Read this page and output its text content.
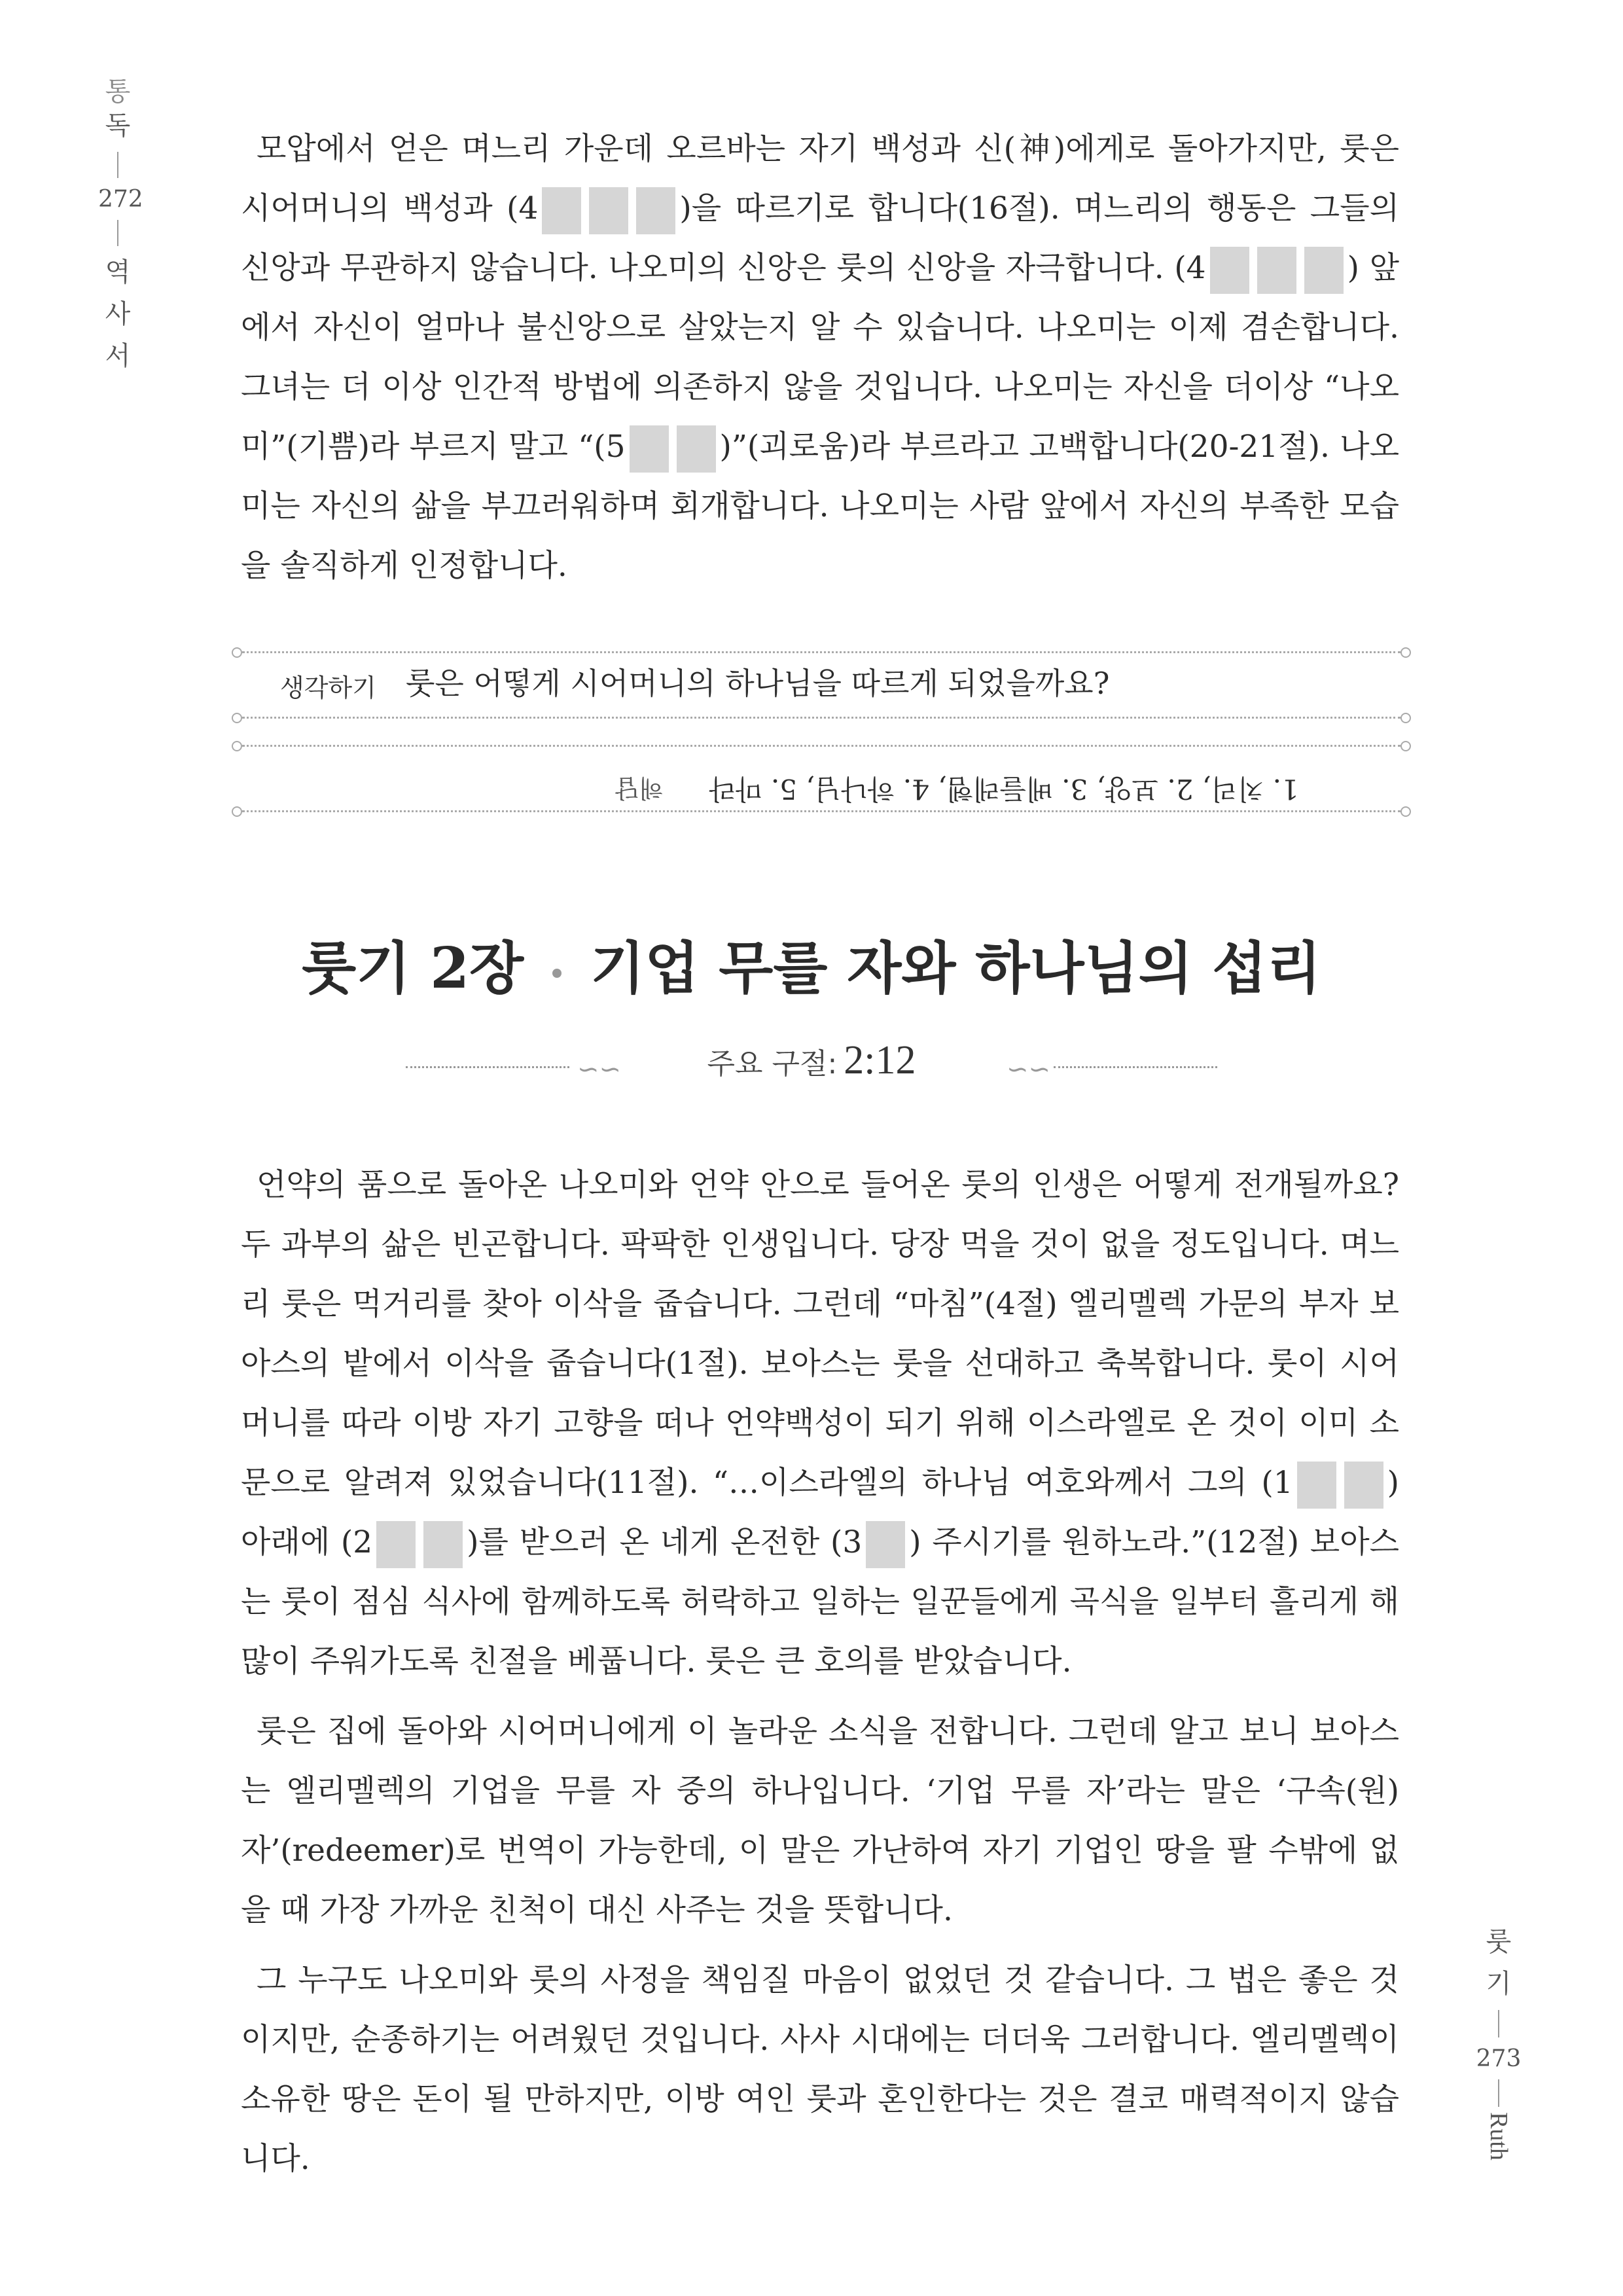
통
독
272
역
사
서

모압에서 얻은 며느리 가운데 오르바는 자기 백성과 신(神)에게로 돌아가지만, 룻은 시어머니의 백성과 (4	)을 따르기로 합니다(16절). 며느리의 행동은 그들의 신앙과 무관하지 않습니다. 나오미의 신앙은 룻의 신앙을 자극합니다. (4	) 앞에서 자신이 얼마나 불신앙으로 살았는지 알 수 있습니다. 나오미는 이제 겸손합니다. 그녀는 더 이상 인간적 방법에 의존하지 않을 것입니다. 나오미는 자신을 더이상 “나오미”(기쁨)라 부르지 말고 “(5	)”(괴로움)라 부르라고 고백합니다(20-21절). 나오미는 자신의 삶을 부끄러워하며 회개합니다. 나오미는 사람 앞에서 자신의 부족한 모습을 솔직하게 인정합니다.

생각하기 룻은 어떻게 시어머니의 하나님을 따르게 되었을까요?
1. 치리, 2. 보양, 3. 베들레헴, 4. 하나님, 5. 마라해답
룻기 2장 기업 무를 자와 하나님의 섭리
∽∽	주요 구절: 2:12	∽∽

언약의 품으로 돌아온 나오미와 언약 안으로 들어온 룻의 인생은 어떻게 전개될까요? 두 과부의 삶은 빈곤합니다. 팍팍한 인생입니다. 당장 먹을 것이 없을 정도입니다. 며느리 룻은 먹거리를 찾아 이삭을 줍습니다. 그런데 “마침”(4절) 엘리멜렉 가문의 부자 보아스의 밭에서 이삭을 줍습니다(1절). 보아스는 룻을 선대하고 축복합니다. 룻이 시어머니를 따라 이방 자기 고향을 떠나 언약백성이 되기 위해 이스라엘로 온 것이 이미 소문으로 알려져 있었습니다(11절). “…이스라엘의 하나님 여호와께서 그의 (1	) 아래에 (2	)를 받으러 온 네게 온전한 (3 ) 주시기를 원하노라.”(12절) 보아스는 룻이 점심 식사에 함께하도록 허락하고 일하는 일꾼들에게 곡식을 일부터 흘리게 해 많이 주워가도록 친절을 베풉니다. 룻은 큰 호의를 받았습니다.

룻은 집에 돌아와 시어머니에게 이 놀라운 소식을 전합니다. 그런데 알고 보니 보아스는 엘리멜렉의 기업을 무를 자 중의 하나입니다. ‘기업 무를 자’라는 말은 ‘구속(원)자’(redeemer)로 번역이 가능한데, 이 말은 가난하여 자기 기업인 땅을 팔 수밖에 없을 때 가장 가까운 친척이 대신 사주는 것을 뜻합니다.

그 누구도 나오미와 룻의 사정을 책임질 마음이 없었던 것 같습니다. 그 법은 좋은 것이지만, 순종하기는 어려웠던 것입니다. 사사 시대에는 더더욱 그러합니다. 엘리멜렉이 소유한 땅은 돈이 될 만하지만, 이방 여인 룻과 혼인한다는 것은 결코 매력적이지 않습니다.

룻
기
273
Ruth
